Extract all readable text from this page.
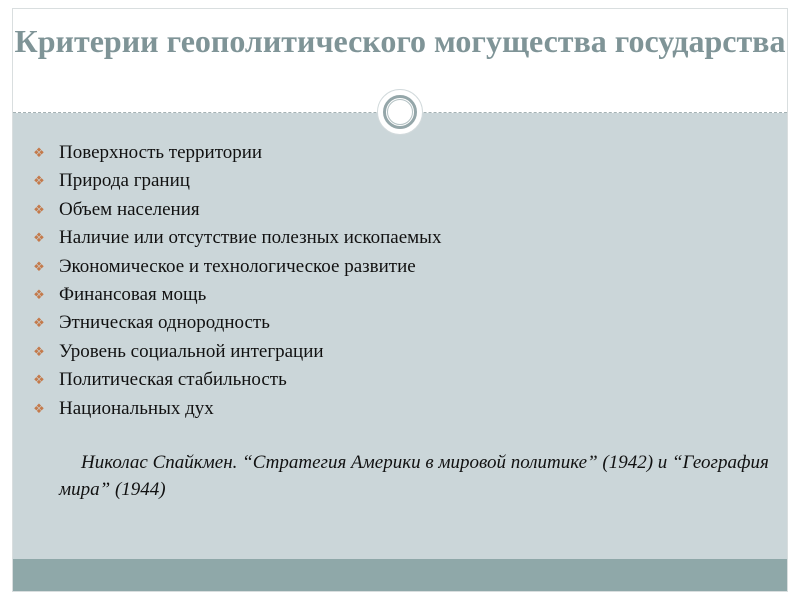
Критерии геополитического могущества государства
❖ Поверхность территории
❖ Природа границ
❖ Объем населения
❖ Наличие или отсутствие полезных ископаемых
❖ Экономическое и технологическое развитие
❖ Финансовая мощь
❖ Этническая однородность
❖ Уровень социальной интеграции
❖ Политическая стабильность
❖ Национальных дух

Николас Спайкмен. “Стратегия Америки в мировой политике” (1942) и “География мира” (1944)
